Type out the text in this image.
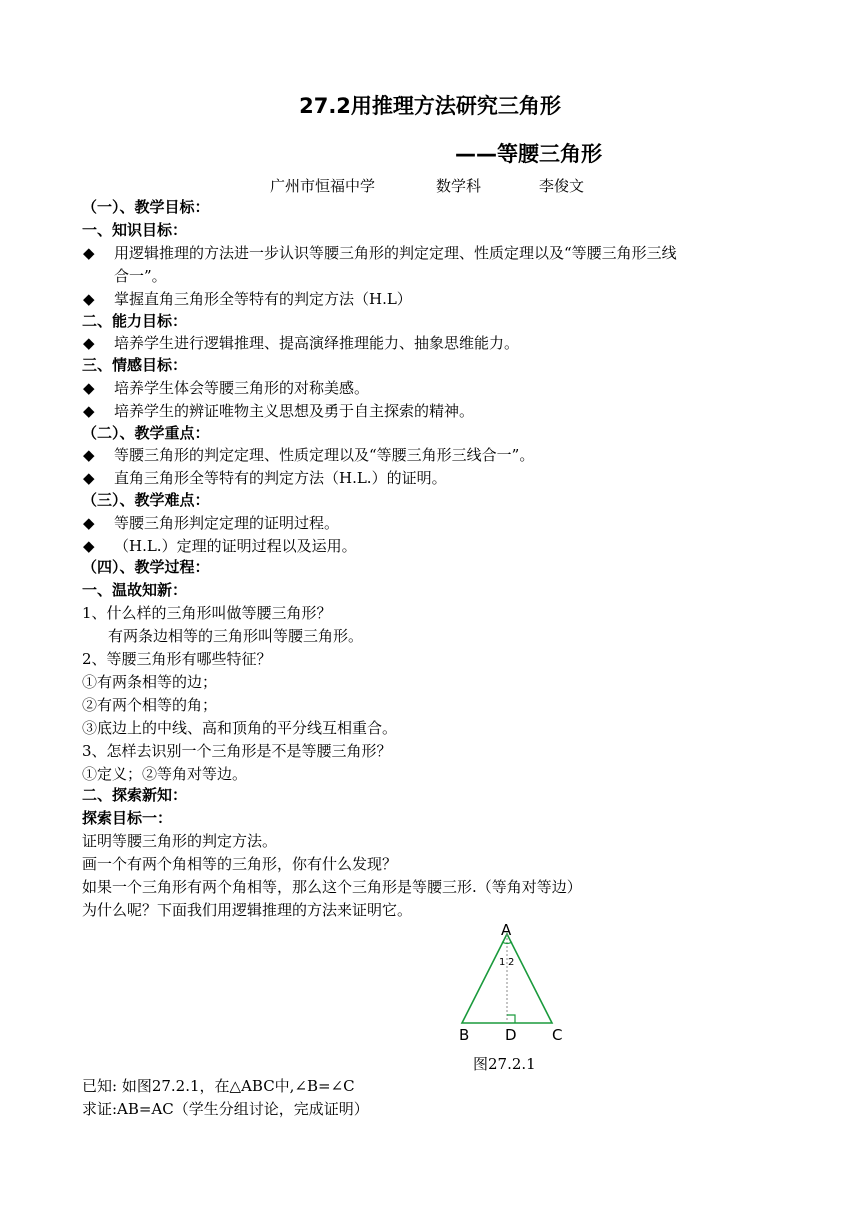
27.2用推理方法研究三角形
——等腰三角形
广州市恒福中学	数学科	李俊文
（一）、教学目标：
一、知识目标：
◆ 用逻辑推理的方法进一步认识等腰三角形的判定定理、性质定理以及“等腰三角形三线
合一”。
◆ 掌握直角三角形全等特有的判定方法（H.L）
二、能力目标：
◆ 培养学生进行逻辑推理、提高演绎推理能力、抽象思维能力。
三、情感目标：
◆ 培养学生体会等腰三角形的对称美感。
◆ 培养学生的辨证唯物主义思想及勇于自主探索的精神。
（二）、教学重点：
◆ 等腰三角形的判定定理、性质定理以及“等腰三角形三线合一”。
◆ 直角三角形全等特有的判定方法（H.L.）的证明。
（三）、教学难点：
◆ 等腰三角形判定定理的证明过程。
◆ （H.L.）定理的证明过程以及运用。
（四）、教学过程：
一、温故知新：
1、什么样的三角形叫做等腰三角形？
有两条边相等的三角形叫等腰三角形。
2、等腰三角形有哪些特征？
①有两条相等的边；
②有两个相等的角；
③底边上的中线、高和顶角的平分线互相重合。
3、怎样去识别一个三角形是不是等腰三角形？
①定义；②等角对等边。
二、探索新知：
探索目标一：
证明等腰三角形的判定方法。
画一个有两个角相等的三角形，你有什么发现？
如果一个三角形有两个角相等，那么这个三角形是等腰三形.（等角对等边）
为什么呢？下面我们用逻辑推理的方法来证明它。
A
1 2
B D C
图27.2.1
已知: 如图27.2.1，在△ABC中,∠B=∠C
求证:AB=AC（学生分组讨论，完成证明）
